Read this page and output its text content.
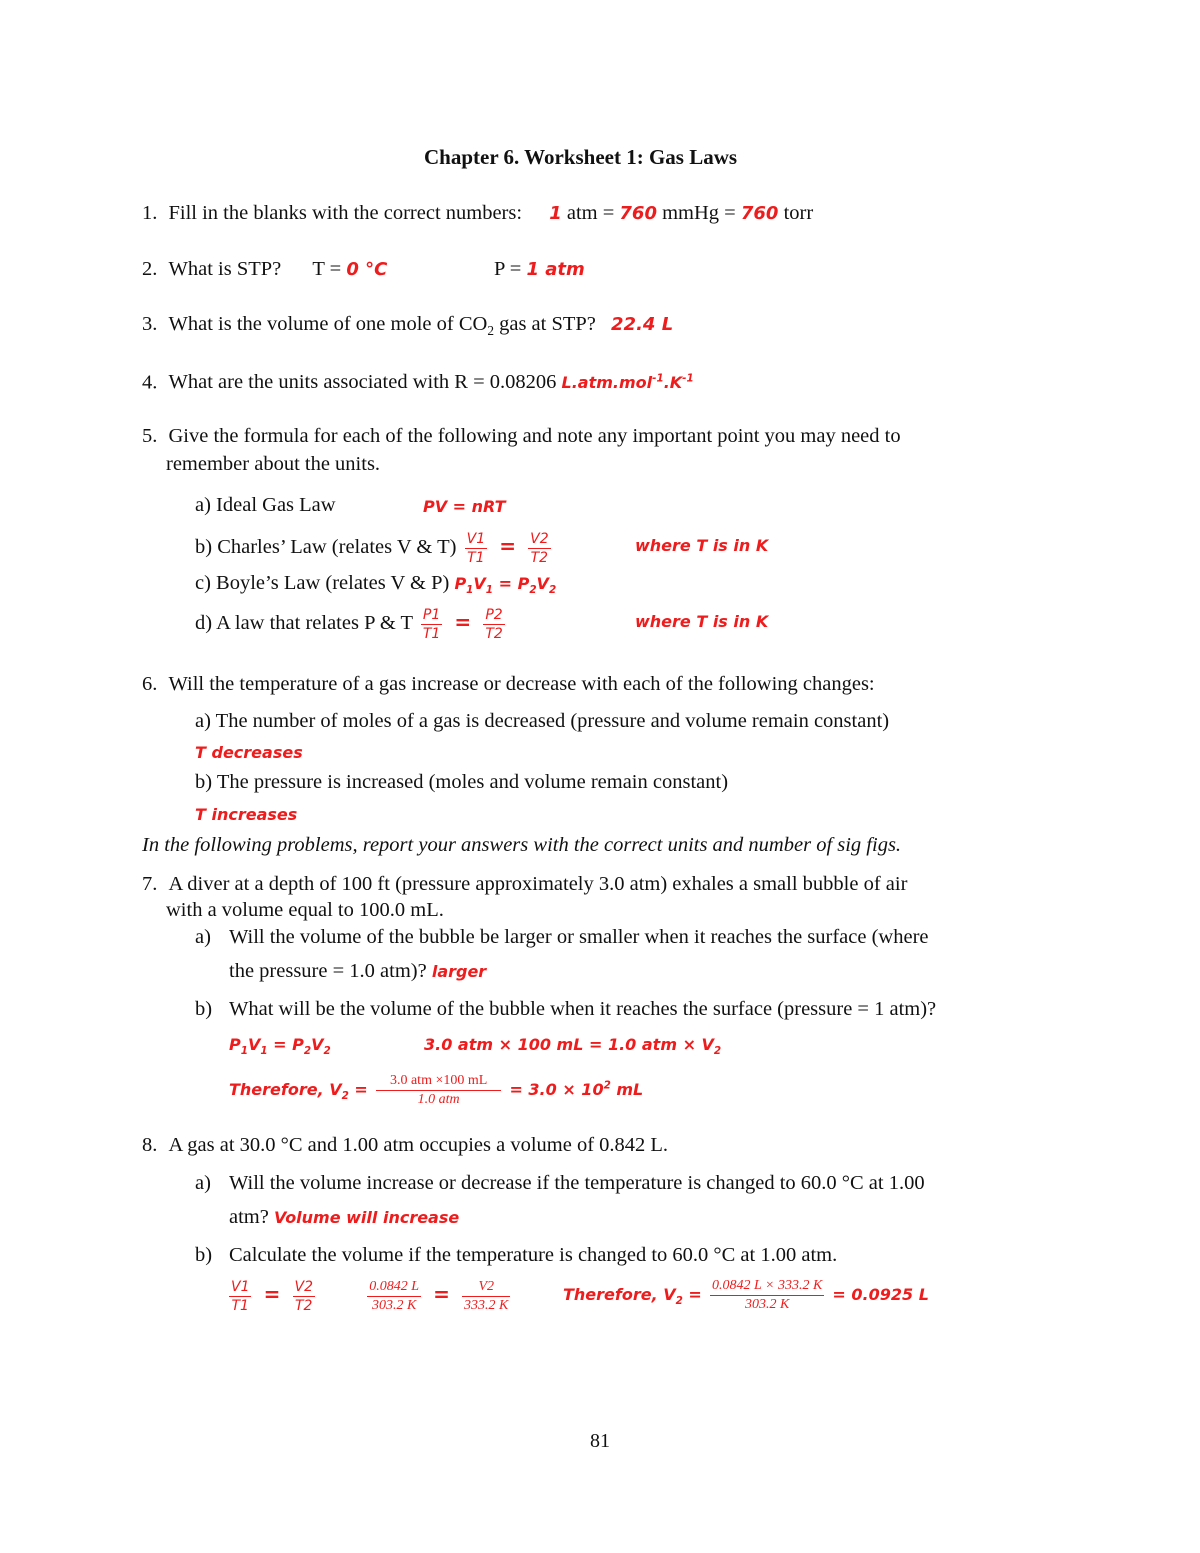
Chapter 6. Worksheet 1: Gas Laws
1. Fill in the blanks with the correct numbers: 1 atm = 760 mmHg = 760 torr
2. What is STP? T = 0 °C	P = 1 atm
3. What is the volume of one mole of $CO_2$ gas at STP? 22.4 L
4. What are the units associated with R = 0.08206 $L.atm.mol^{-1}.K^{-1}$
5. Give the formula for each of the following and note any important point you may need to
remember about the units.
a) Ideal Gas Law	PV = nRT
b) Charles’ Law (relates V & $T) \frac{V1}{T1} = \frac{V2}{T2}$	where T is in K
c) Boyle’s Law (relates V & P) $P_1V_1 = P_2V_2$
d) A law that relates P & T $\frac{P1}{T1} = \frac{P2}{T2}$	where T is in K
6. Will the temperature of a gas increase or decrease with each of the following changes:
a) The number of moles of a gas is decreased (pressure and volume remain constant)
T decreases
b) The pressure is increased (moles and volume remain constant)
T increases
In the following problems, report your answers with the correct units and number of sig figs.
7. A diver at a depth of 100 ft (pressure approximately 3.0 atm) exhales a small bubble of air
with a volume equal to 100.0 mL.
a) Will the volume of the bubble be larger or smaller when it reaches the surface (where
the pressure = 1.0 atm)? larger
b) What will be the volume of the bubble when it reaches the surface (pressure = 1 atm)?
$P_1V_1 = P_2V_2$	3.0 atm × 100 mL = 1.0 atm × $V_2$
Therefore, $V_2 = \frac{\text{3.0 atm ×100 mL}}{\text{1.0 atm}} = 3.0 \times 10^2$ mL
8. A gas at 30.0 °C and 1.00 atm occupies a volume of 0.842 L.
a) Will the volume increase or decrease if the temperature is changed to 60.0 °C at 1.00
atm? Volume will increase
b) Calculate the volume if the temperature is changed to 60.0 °C at 1.00 atm.
$\frac{V1}{T1} = \frac{V2}{T2}$
	$\frac{0.0842 L}{303.2 K} = \frac{V2}{333.2 K}$	Therefore, $V_2 = \frac{0.0842 L \times 333.2 K}{303.2 K} = 0.0925$ L
81
